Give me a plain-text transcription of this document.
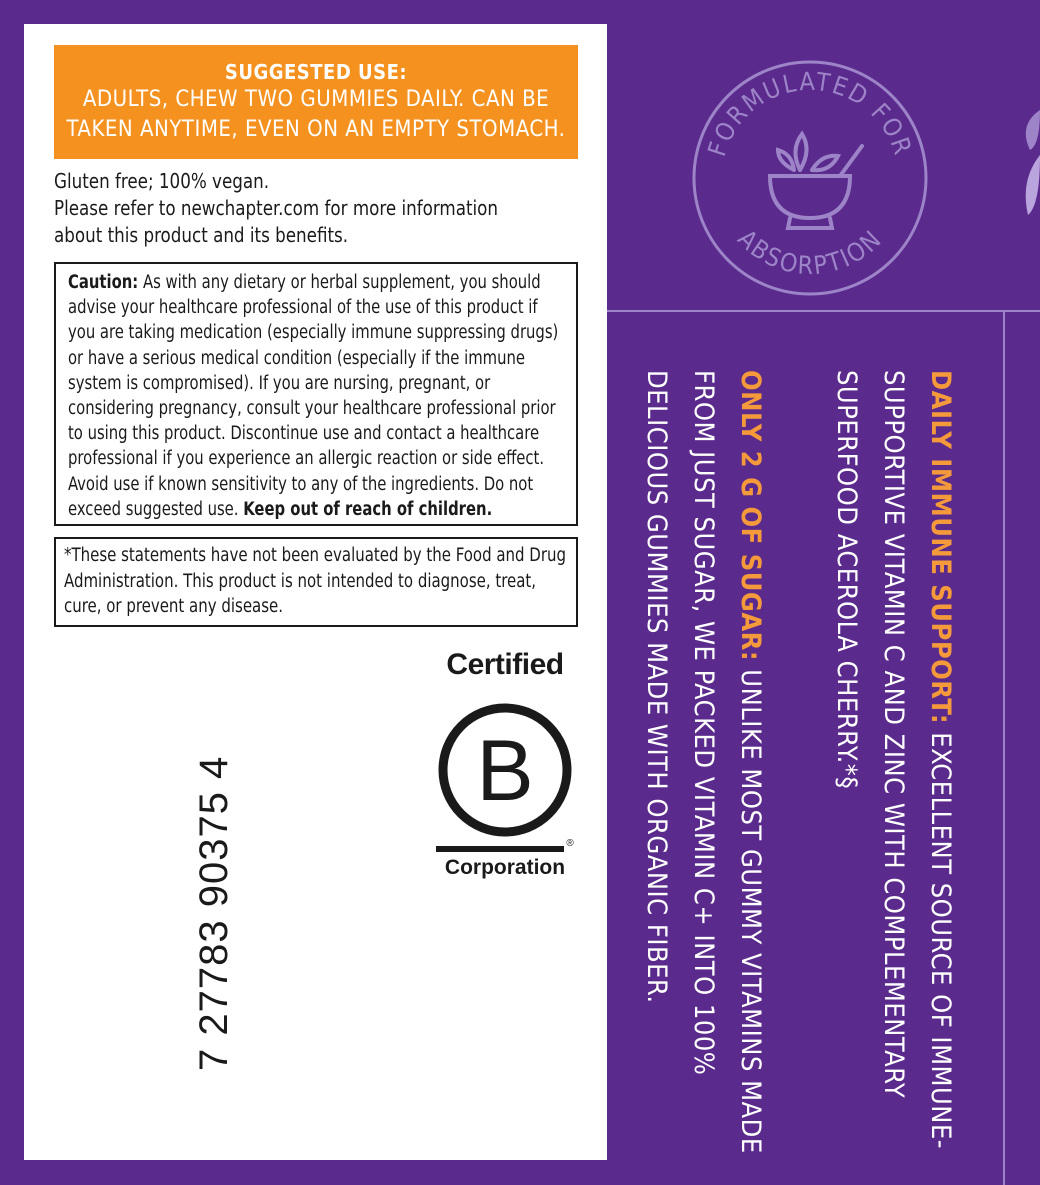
SUGGESTED USE:
ADULTS, CHEW TWO GUMMIES DAILY. CAN BE
TAKEN ANYTIME, EVEN ON AN EMPTY STOMACH.
Gluten free; 100% vegan.
Please refer to newchapter.com for more information
about this product and its benefits.
Caution: As with any dietary or herbal supplement, you should advise your healthcare professional of the use of this product if you are taking medication (especially immune suppressing drugs) or have a serious medical condition (especially if the immune system is compromised). If you are nursing, pregnant, or considering pregnancy, consult your healthcare professional prior to using this product. Discontinue use and contact a healthcare professional if you experience an allergic reaction or side effect. Avoid use if known sensitivity to any of the ingredients. Do not exceed suggested use. Keep out of reach of children.
*These statements have not been evaluated by the Food and Drug Administration. This product is not intended to diagnose, treat, cure, or prevent any disease.
7 27783 90375 4
Certified
B
®
Corporation
FORMULATED FOR
ABSORPTION
DAILY IMMUNE SUPPORT: EXCELLENT SOURCE OF IMMUNE-
SUPPORTIVE VITAMIN C AND ZINC WITH COMPLEMENTARY
SUPERFOOD ACEROLA CHERRY.*§
ONLY 2 G OF SUGAR: UNLIKE MOST GUMMY VITAMINS MADE
FROM JUST SUGAR, WE PACKED VITAMIN C+ INTO 100%
DELICIOUS GUMMIES MADE WITH ORGANIC FIBER.
